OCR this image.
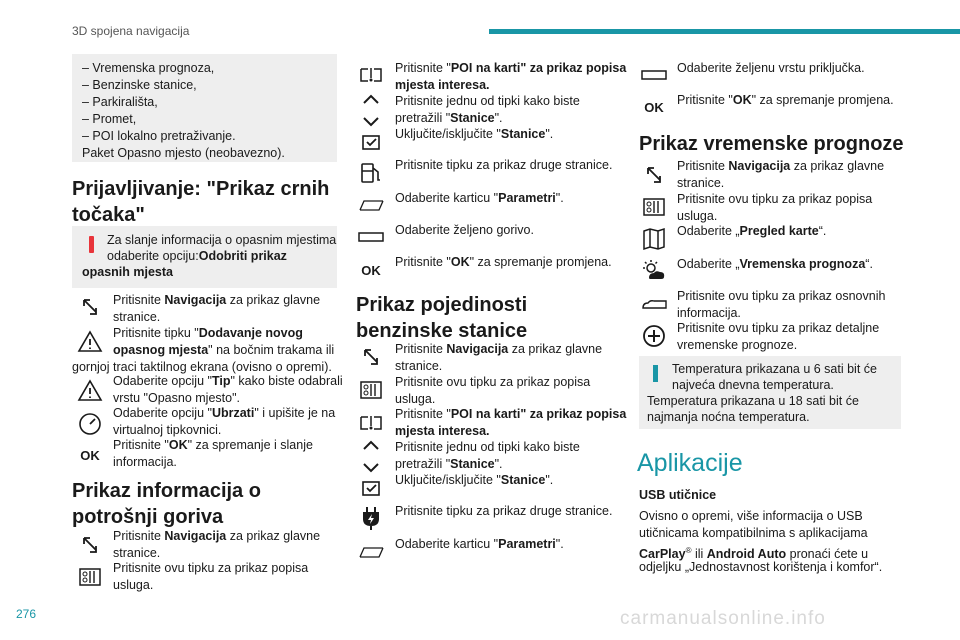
3D spojena navigacija
276	carmanualsonline.info
– Vremenska prognoza,
– Benzinske stanice,
– Parkirališta,
– Promet,
– POI lokalno pretraživanje.
Paket Opasno mjesto (neobavezno).
Prijavljivanje: "Prikaz crnih
točaka"
Za slanje informacija o opasnim mjestima
odaberite opciju:Odobriti prikaz
opasnih mjesta
Pritisnite Navigacija za prikaz glavne
stranice.
Pritisnite tipku "Dodavanje novog
opasnog mjesta" na bočnim trakama ili
gornjoj traci taktilnog ekrana (ovisno o opremi).
Odaberite opciju "Tip" kako biste odabrali
vrstu "Opasno mjesto".
Odaberite opciju "Ubrzati" i upišite je na
virtualnoj tipkovnici.
OK
Pritisnite "OK" za spremanje i slanje
informacija.
Prikaz informacija o
potrošnji goriva
Pritisnite Navigacija za prikaz glavne
stranice.
Pritisnite ovu tipku za prikaz popisa
usluga.
Pritisnite "POI na karti" za prikaz popisa
mjesta interesa.
Pritisnite jednu od tipki kako biste
pretražili "Stanice".
Uključite/isključite "Stanice".
Pritisnite tipku za prikaz druge stranice.
Odaberite karticu "Parametri".
Odaberite željeno gorivo.
OK
Pritisnite "OK" za spremanje promjena.
Prikaz pojedinosti
benzinske stanice
Pritisnite Navigacija za prikaz glavne
stranice.
Pritisnite ovu tipku za prikaz popisa
usluga.
Pritisnite "POI na karti" za prikaz popisa
mjesta interesa.
Pritisnite jednu od tipki kako biste
pretražili "Stanice".
Uključite/isključite "Stanice".
Pritisnite tipku za prikaz druge stranice.
Odaberite karticu "Parametri".
Odaberite željenu vrstu priključka.
OK	Pritisnite "OK" za spremanje promjena.
Prikaz vremenske prognoze
Pritisnite Navigacija za prikaz glavne
stranice.
Pritisnite ovu tipku za prikaz popisa
usluga.
Odaberite „Pregled karte“.
Odaberite „Vremenska prognoza“.
Pritisnite ovu tipku za prikaz osnovnih
informacija.
Pritisnite ovu tipku za prikaz detaljne
vremenske prognoze.
Temperatura prikazana u 6 sati bit će
najveća dnevna temperatura.
Temperatura prikazana u 18 sati bit će
najmanja noćna temperatura.
Aplikacije
USB utičnice
Ovisno o opremi, više informacija o USB
utičnicama kompatibilnima s aplikacijama
CarPlay® ili Android Auto pronaći ćete u
odjeljku „Jednostavnost korištenja i komfor“.
